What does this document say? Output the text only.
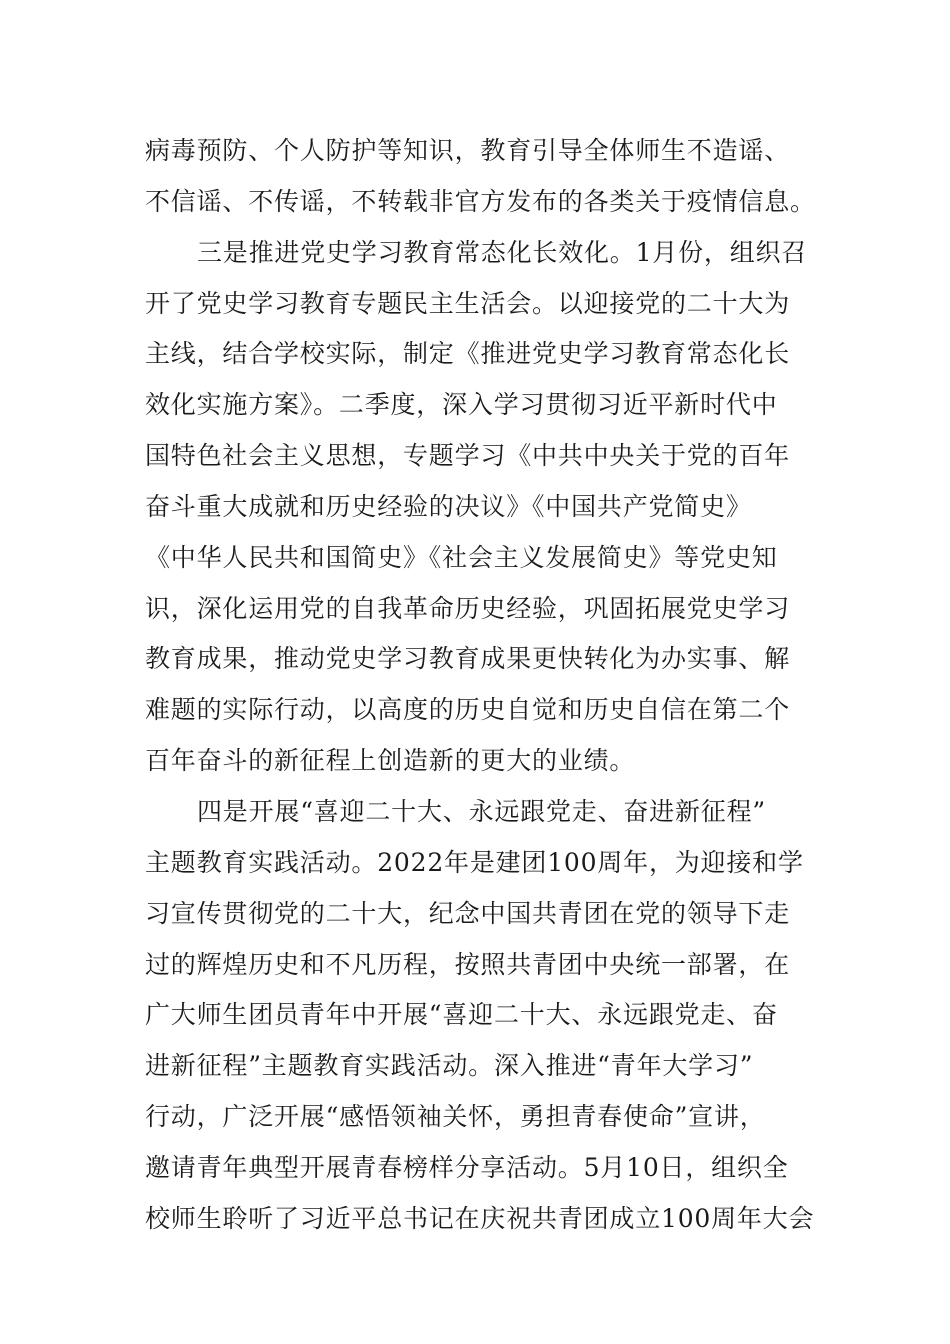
病毒预防、个人防护等知识，教育引导全体师生不造谣、
不信谣、不传谣，不转载非官方发布的各类关于疫情信息。
三是推进党史学习教育常态化长效化。1月份，组织召
开了党史学习教育专题民主生活会。以迎接党的二十大为
主线，结合学校实际，制定《推进党史学习教育常态化长
效化实施方案》。二季度，深入学习贯彻习近平新时代中
国特色社会主义思想，专题学习《中共中央关于党的百年
奋斗重大成就和历史经验的决议》《中国共产党简史》
《中华人民共和国简史》《社会主义发展简史》等党史知
识，深化运用党的自我革命历史经验，巩固拓展党史学习
教育成果，推动党史学习教育成果更快转化为办实事、解
难题的实际行动，以高度的历史自觉和历史自信在第二个
百年奋斗的新征程上创造新的更大的业绩。
四是开展“喜迎二十大、永远跟党走、奋进新征程”
主题教育实践活动。2022年是建团100周年，为迎接和学
习宣传贯彻党的二十大，纪念中国共青团在党的领导下走
过的辉煌历史和不凡历程，按照共青团中央统一部署，在
广大师生团员青年中开展“喜迎二十大、永远跟党走、奋
进新征程”主题教育实践活动。深入推进“青年大学习”
行动，广泛开展“感悟领袖关怀，勇担青春使命”宣讲，
邀请青年典型开展青春榜样分享活动。5月10日，组织全
校师生聆听了习近平总书记在庆祝共青团成立100周年大会
